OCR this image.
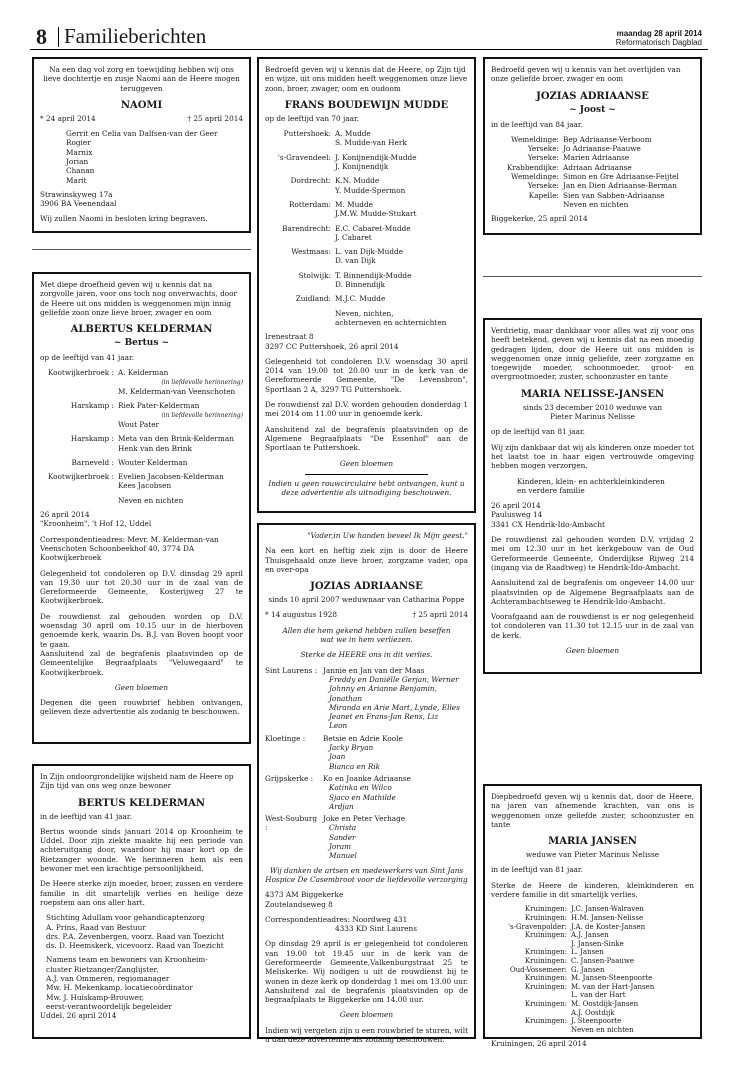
8 Familieberichten	maandag 28 april 2014
Reformatorisch Dagblad

Na een dag vol zorg en toewijding hebben wij ons lieve dochtertje en zusje Naomi aan de Heere mogen teruggeven

NAOMI
* 24 april 2014	† 25 april 2014
Gerrit en Celia van Dalfsen-van der Geer
Rogier
Marnix
Jorian
Chanan
Marit
Strawinskyweg 17a
3906 BA Veenendaal
Wij zullen Naomi in besloten kring begraven.

Met diepe droefheid geven wij u kennis dat na zorgvolle jaren, voor ons toch nog onverwachts, door de Heere uit ons midden is weggenomen mijn innig geliefde zoon onze lieve broer, zwager en oom

ALBERTUS KELDERMAN
~ Bertus ~

op de leeftijd van 41 jaar.

Kootwijkerbroek : A. Kelderman
(in liefdevolle herinnering)
M. Kelderman-van Veenschoten
Harskamp : Riek Pater-Kelderman
(in liefdevolle herinnering)
Wout Pater
Harskamp : Meta van den Brink-Kelderman
Henk van den Brink
Barneveld : Wouter Kelderman
Kootwijkerbroek : Evelien Jacobsen-Kelderman
Kees Jacobsen
Neven en nichten
26 april 2014

"Kroonheim", 't Hof 12, Uddel

Correspondentieadres: Mevr. M. Kelderman-van Veenschoten Schoonbeekhof 40, 3774 DA Kootwijkerbroek

Gelegenheid tot condoleren op D.V. dinsdag 29 april van 19.30 uur tot 20.30 uur in de zaal van de Gereformeerde Gemeente, Kosterijweg 27 te Kootwijkerbroek.

De rouwdienst zal gehouden worden op D.V. woensdag 30 april om 10.15 uur in de hierboven genoemde kerk, waarin Ds. B.J. van Boven hoopt voor te gaan.

Aansluitend zal de begrafenis plaatsvinden op de Gemeentelijke Begraafplaats "Veluwegaard" te Kootwijkerbroek.

Geen bloemen

Degenen die geen rouwbrief hebben ontvangen, gelieven deze advertentie als zodanig te beschouwen.

In Zijn ondoorgrondelijke wijsheid nam de Heere op Zijn tijd van ons weg onze bewoner

BERTUS KELDERMAN

in de leeftijd van 41 jaar.

Bertus woonde sinds januari 2014 op Kroonheim te Uddel. Door zijn ziekte maakte hij een periode van achteruitgang door, waardoor hij maar kort op de Rietzanger woonde. We herinneren hem als een bewoner met een krachtige persoonlijkheid.

De Heere sterke zijn moeder, broer, zussen en verdere familie in dit smartelijk verlies en heilige deze roepstem aan ons aller hart.

Stichting Adullam voor gehandicaptenzorg
A. Prins, Raad van Bestuur
drs. P.A. Zevenbergen, voorz. Raad van Toezicht
ds. D. Heemskerk, vicevoorz. Raad van Toezicht
Namens team en bewoners van Kroonheim-
cluster Rietzanger/Zanglijster,
A.J. van Ommeren, regiomanager
Mw. H. Mekenkamp, locatiecoördinator
Mw. J. Huiskamp-Brouwer,
eerst-verantwoordelijk begeleider
Uddel, 26 april 2014

Bedroefd geven wij u kennis dat de Heere, op Zijn tijd en wijze, uit ons midden heeft weggenomen onze lieve zoon, broer, zwager, oom en oudoom

FRANS BOUDEWIJN MUDDE

op de leeftijd van 70 jaar.

Puttershoek: A. Mudde
S. Mudde-van Herk
's-Gravendeel: J. Konijnendijk-Mudde
J. Konijnendijk
Dordrecht: K.N. Mudde
Y. Mudde-Spermon
Rotterdam: M. Mudde
J.M.W. Mudde-Stukart
Barendrecht: E.C. Cabaret-Mudde
J. Cabaret
Westmaas: L. van Dijk-Mudde
D. van Dijk
Stolwijk: T. Binnendijk-Mudde
D. Binnendijk
Zuidland: M.J.C. Mudde
Neven, nichten,
achterneven en achternichten
Irenestraat 8

3297 CC Puttershoek, 26 april 2014

Gelegenheid tot condoleren D.V. woensdag 30 april 2014 van 19.00 tot 20.00 uur in de kerk van de Gereformeerde Gemeente, "De Levensbron", Sportlaan 2 A, 3297 TG Puttershoek.

De rouwdienst zal D.V. worden gehouden donderdag 1 mei 2014 om 11.00 uur in genoemde kerk.

Aansluitend zal de begrafenis plaatsvinden op de Algemene Begraafplaats "De Essenhof" aan de Sportlaan te Puttershoek.

Geen bloemen

Indien u geen rouwcirculaire hebt ontvangen, kunt u deze advertentie als uitnodiging beschouwen.

"Vader,in Uw handen beveel Ik Mijn geest."

Na een kort en heftig ziek zijn is door de Heere Thuisgehaald onze lieve broer, zorgzame vader, opa en over-opa

JOZIAS ADRIAANSE

sinds 10 april 2007 weduwnaar van Catharina Poppe

* 14 augustus 1928	† 25 april 2014
Allen die hem gekend hebben zullen beseffen

wat we in hem verliezen.

Sterke de HEERE ons in dit verlies.

Sint Laurens : Jannie en Jan van der Maas
Freddy en Daniëlle Gerjan, Werner
Johnny en Arianne Benjamin, Jonathan
Miranda en Arie Mart, Lynde, Elles
Jeanet en Frans-Jan Rens, Liz
Leon
Kloetinge :	Betsie en Adrie Koole
Jacky Bryan
Joan
Bianca en Rik
Grijpskerke :	Ko en Joanke Adriaanse
Katinka en Wilco
Sjaco en Mathilde
Ardjan
West-Souburg :
Joke en Peter Verhage
Christa
Sander
Joram
Manuel

Wij danken de artsen en medewerkers van Sint Jans Hospice De Casembroot voor de liefdevolle verzorging

4373 AM Biggekerke

Zoutelandseweg 8

Correspondentieadres: Noordweg 431

4333 KD Sint Laurens

Op dinsdag 29 april is er gelegenheid tot condoleren van 19.00 tot 19.45 uur in de kerk van de Gereformeerde Gemeente,Valkenburgstraat 25 te Meliskerke. Wij nodigen u uit de rouwdienst bij te wonen in deze kerk op donderdag 1 mei om 13.00 uur. Aansluitend zal de begrafenis plaatsvinden op de begraafplaats te Biggekerke om 14.00 uur.

Geen bloemen

Indien wij vergeten zijn u een rouwbrief te sturen, wilt u dan deze advertentie als zodanig beschouwen.

Bedroefd geven wij u kennis van het overlijden van onze geliefde broer, zwager en oom

JOZIAS ADRIAANSE
~ Joost ~

in de leeftijd van 84 jaar.

Wemeldinge: Bep Adriaanse-Verboom
Yerseke: Jo Adriaanse-Paauwe
Yerseke: Marien Adriaanse
Krabbendijke: Adriaan Adriaanse
Wemeldinge: Simon en Gre Adriaanse-Feijtel
Yerseke: Jan en Dien Adriaanse-Berman
Kapelle: Sien van Sabben-Adriaanse
Neven en nichten
Biggekerke, 25 april 2014

Verdrietig, maar dankbaar voor alles wat zij voor ons heeft betekend, geven wij u kennis dat na een moedig gedragen lijden, door de Heere uit ons midden is weggenomen onze innig geliefde, zeer zorgzame en toegewijde moeder, schoonmoeder, groot- en overgrootmoeder, zuster, schoonzuster en tante

MARIA NELISSE-JANSEN
sinds 23 december 2010 weduwe van

Pieter Marinus Nelisse

op de leeftijd van 81 jaar.

Wij zijn dankbaar dat wij als kinderen onze moeder tot het laatst toe in haar eigen vertrouwde omgeving hebben mogen verzorgen.

Kinderen, klein- en achterkleinkinderen

en verdere familie

26 april 2014
Paulusweg 14

3341 CX Hendrik-Ido-Ambacht

De rouwdienst zal gehouden worden D.V. vrijdag 2 mei om 12.30 uur in het kerkgebouw van de Oud Gereformeerde Gemeente, Onderdijkse Rijweg 214 (ingang via de Raadtweg) te Hendrik-Ido-Ambacht.

Aansluitend zal de begrafenis om ongeveer 14.00 uur plaatsvinden op de Algemene Begraafplaats aan de Achterambachtseweg te Hendrik-Ido-Ambacht.

Voorafgaand aan de rouwdienst is er nog gelegenheid tot condoleren van 11.30 tot 12.15 uur in de zaal van de kerk.

Geen bloemen

Diepbedroefd geven wij u kennis dat, door de Heere, na jaren van afnemende krachten, van ons is weggenomen onze geliefde zuster, schoonzuster en tante

MARIA JANSEN

weduwe van Pieter Marinus Nelisse

in de leeftijd van 81 jaar.

Sterke de Heere de kinderen, kleinkinderen en verdere familie in dit smartelijk verlies.

Kruiningen: J.C. Jansen-Walraven
Kruiningen: H.M. Jansen-Nelisse
's-Gravenpolder: J.A. de Koster-Jansen
Kruiningen: A.J. Jansen
J. Jansen-Sinke
Kruiningen: L. Jansen
Kruiningen: C. Jansen-Paauwe
Oud-Vossemeer: G. Jansen
Kruiningen: M. Jansen-Steenpoorte
Kruiningen: M. van der Hart-Jansen
L. van der Hart
Kruiningen: M. Oostdijk-Jansen
A.J. Oostdijk
Kruiningen: J. Steenpoorte
Neven en nichten
Kruiningen, 26 april 2014
